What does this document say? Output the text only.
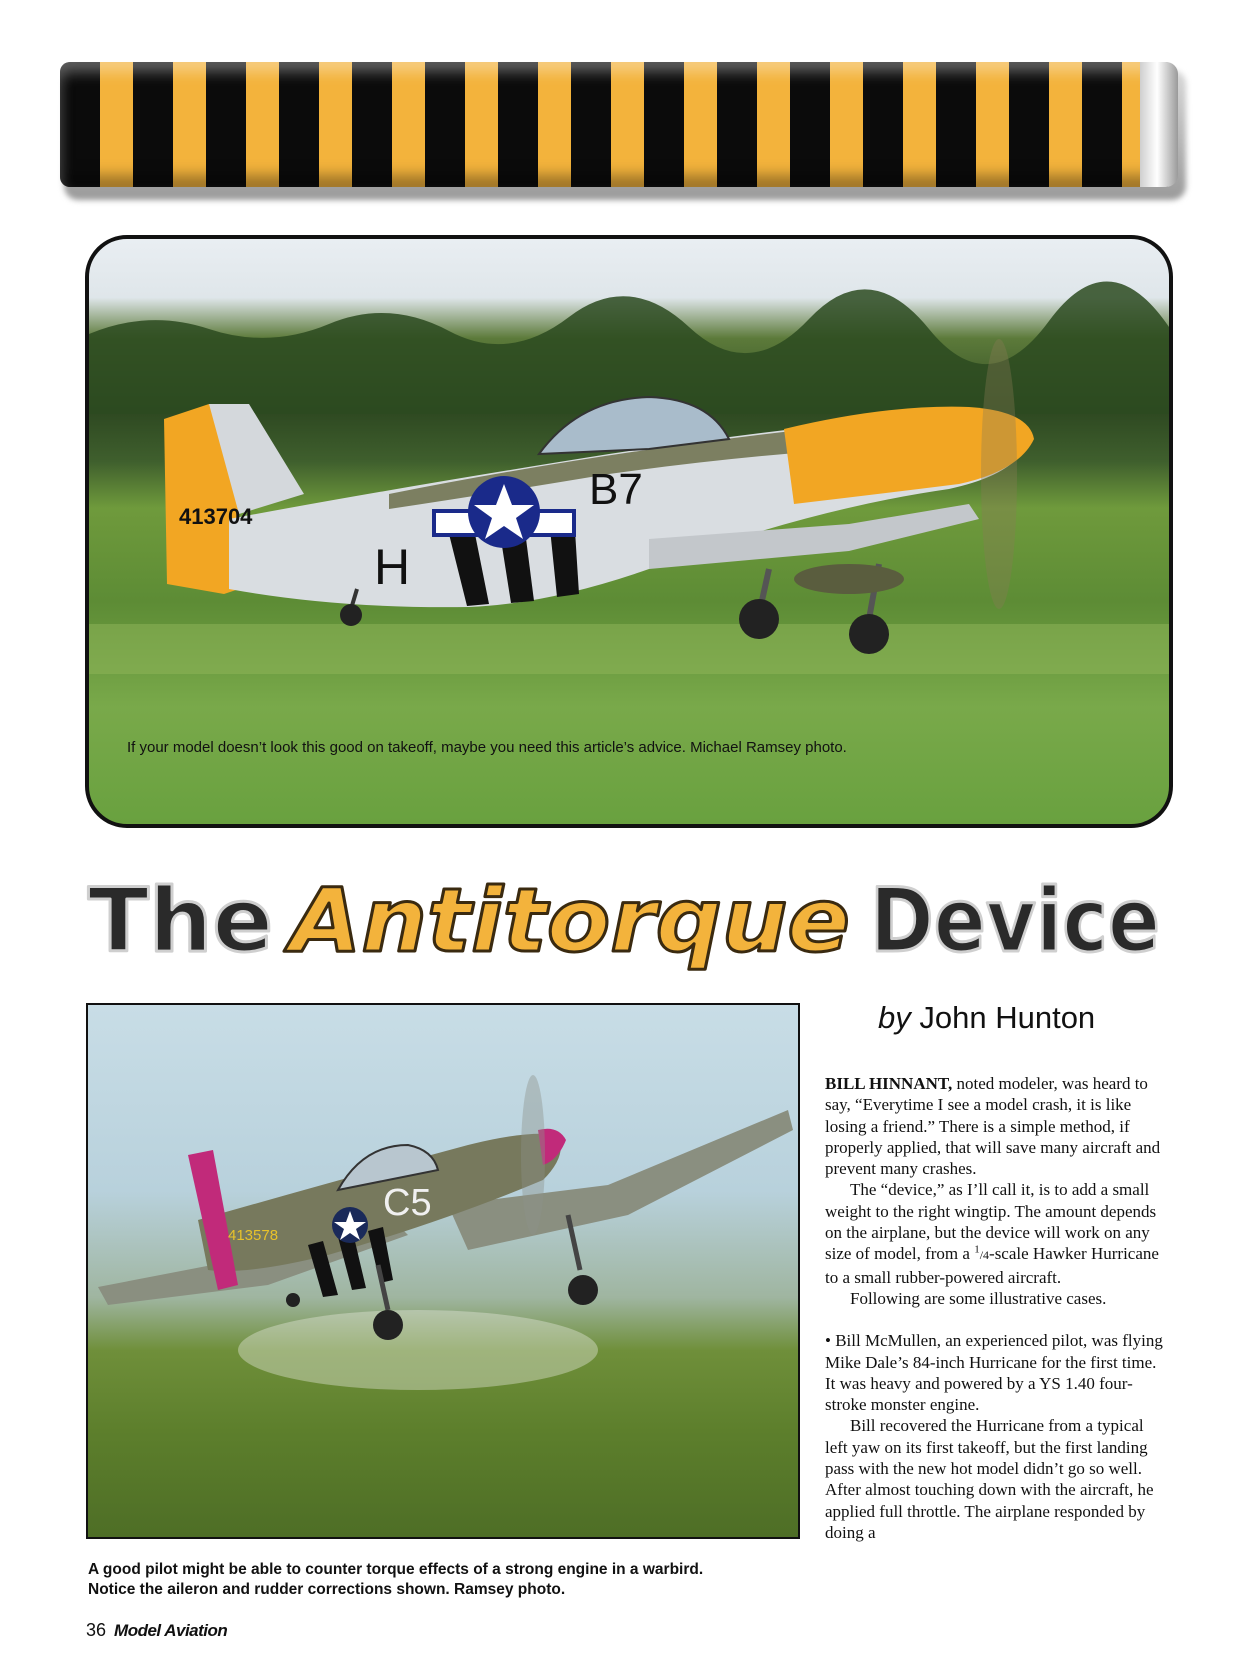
413704
B7
H
If your model doesn’t look this good on takeoff, maybe you need this article’s advice. Michael Ramsey photo.
The Antitorque Device
413578
C5
A good pilot might be able to counter torque effects of a strong engine in a warbird.
Notice the aileron and rudder corrections shown. Ramsey photo.
by John Hunton

BILL HINNANT, noted modeler, was heard to say, “Everytime I see a model crash, it is like losing a friend.” There is a simple method, if properly applied, that will save many aircraft and prevent many crashes.

The “device,” as I’ll call it, is to add a small weight to the right wingtip. The amount depends on the airplane, but the device will work on any size of model, from a $^1$/4-scale Hawker Hurricane to a small rubber-powered aircraft.

Following are some illustrative cases.

• Bill McMullen, an experienced pilot, was flying Mike Dale’s 84-inch Hurricane for the first time. It was heavy and powered by a YS 1.40 four-stroke monster engine.

Bill recovered the Hurricane from a typical left yaw on its first takeoff, but the first landing pass with the new hot model didn’t go so well. After almost touching down with the aircraft, he applied full throttle. The airplane responded by doing a

36 Model Aviation
